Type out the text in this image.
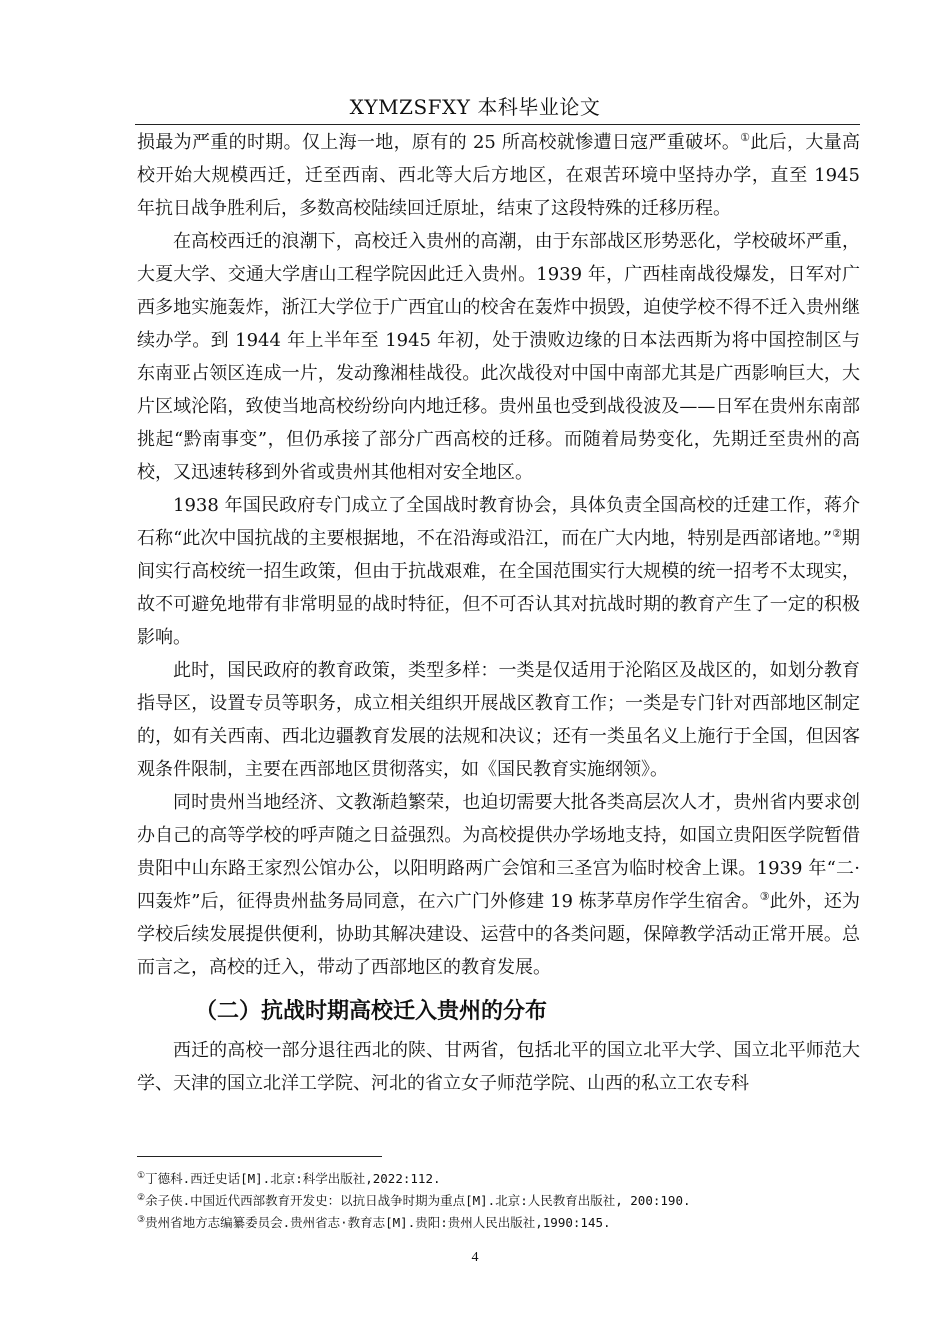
XYMZSFXY 本科毕业论文

损最为严重的时期。仅上海一地，原有的 25 所高校就惨遭日寇严重破坏。①此后，大量高校开始大规模西迁，迁至西南、西北等大后方地区，在艰苦环境中坚持办学，直至 1945 年抗日战争胜利后，多数高校陆续回迁原址，结束了这段特殊的迁移历程。

在高校西迁的浪潮下，高校迁入贵州的高潮，由于东部战区形势恶化，学校破坏严重，大夏大学、交通大学唐山工程学院因此迁入贵州。1939 年，广西桂南战役爆发，日军对广西多地实施轰炸，浙江大学位于广西宜山的校舍在轰炸中损毁，迫使学校不得不迁入贵州继续办学。到 1944 年上半年至 1945 年初，处于溃败边缘的日本法西斯为将中国控制区与东南亚占领区连成一片，发动豫湘桂战役。此次战役对中国中南部尤其是广西影响巨大，大片区域沦陷，致使当地高校纷纷向内地迁移。贵州虽也受到战役波及——日军在贵州东南部挑起“黔南事变”，但仍承接了部分广西高校的迁移。而随着局势变化，先期迁至贵州的高校，又迅速转移到外省或贵州其他相对安全地区。

1938 年国民政府专门成立了全国战时教育协会，具体负责全国高校的迁建工作，蒋介石称“此次中国抗战的主要根据地，不在沿海或沿江，而在广大内地，特别是西部诸地。”②期间实行高校统一招生政策，但由于抗战艰难，在全国范围实行大规模的统一招考不太现实，故不可避免地带有非常明显的战时特征，但不可否认其对抗战时期的教育产生了一定的积极影响。

此时，国民政府的教育政策，类型多样：一类是仅适用于沦陷区及战区的，如划分教育指导区，设置专员等职务，成立相关组织开展战区教育工作；一类是专门针对西部地区制定的，如有关西南、西北边疆教育发展的法规和决议；还有一类虽名义上施行于全国，但因客观条件限制，主要在西部地区贯彻落实，如《国民教育实施纲领》。

同时贵州当地经济、文教渐趋繁荣，也迫切需要大批各类高层次人才，贵州省内要求创办自己的高等学校的呼声随之日益强烈。为高校提供办学场地支持，如国立贵阳医学院暂借贵阳中山东路王家烈公馆办公，以阳明路两广会馆和三圣宫为临时校舍上课。1939 年“二·四轰炸”后，征得贵州盐务局同意，在六广门外修建 19 栋茅草房作学生宿舍。③此外，还为学校后续发展提供便利，协助其解决建设、运营中的各类问题，保障教学活动正常开展。总而言之，高校的迁入，带动了西部地区的教育发展。

（二）抗战时期高校迁入贵州的分布

西迁的高校一部分退往西北的陕、甘两省，包括北平的国立北平大学、国立北平师范大学、天津的国立北洋工学院、河北的省立女子师范学院、山西的私立工农专科

①丁德科.西迁史话[M].北京:科学出版社,2022:112.
②余子侠.中国近代西部教育开发史：以抗日战争时期为重点[M].北京:人民教育出版社, 200:190.
③贵州省地方志编纂委员会.贵州省志·教育志[M].贵阳:贵州人民出版社,1990:145.
4
